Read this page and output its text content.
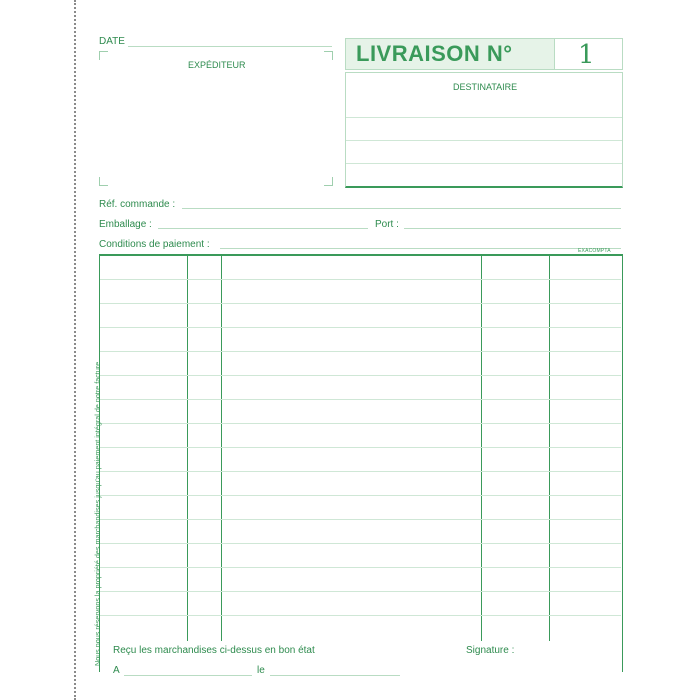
DATE
EXPÉDITEUR	LIVRAISON N°	1
DESTINATAIRE
Réf. commande :
Emballage :	Port :
Conditions de paiement :
EXACOMPTA
Reçu les marchandises ci-dessus en bon état	Signature :
A	le
Nous nous réservons la propriété des marchandises jusqu'au paiement intégral de notre facture.
